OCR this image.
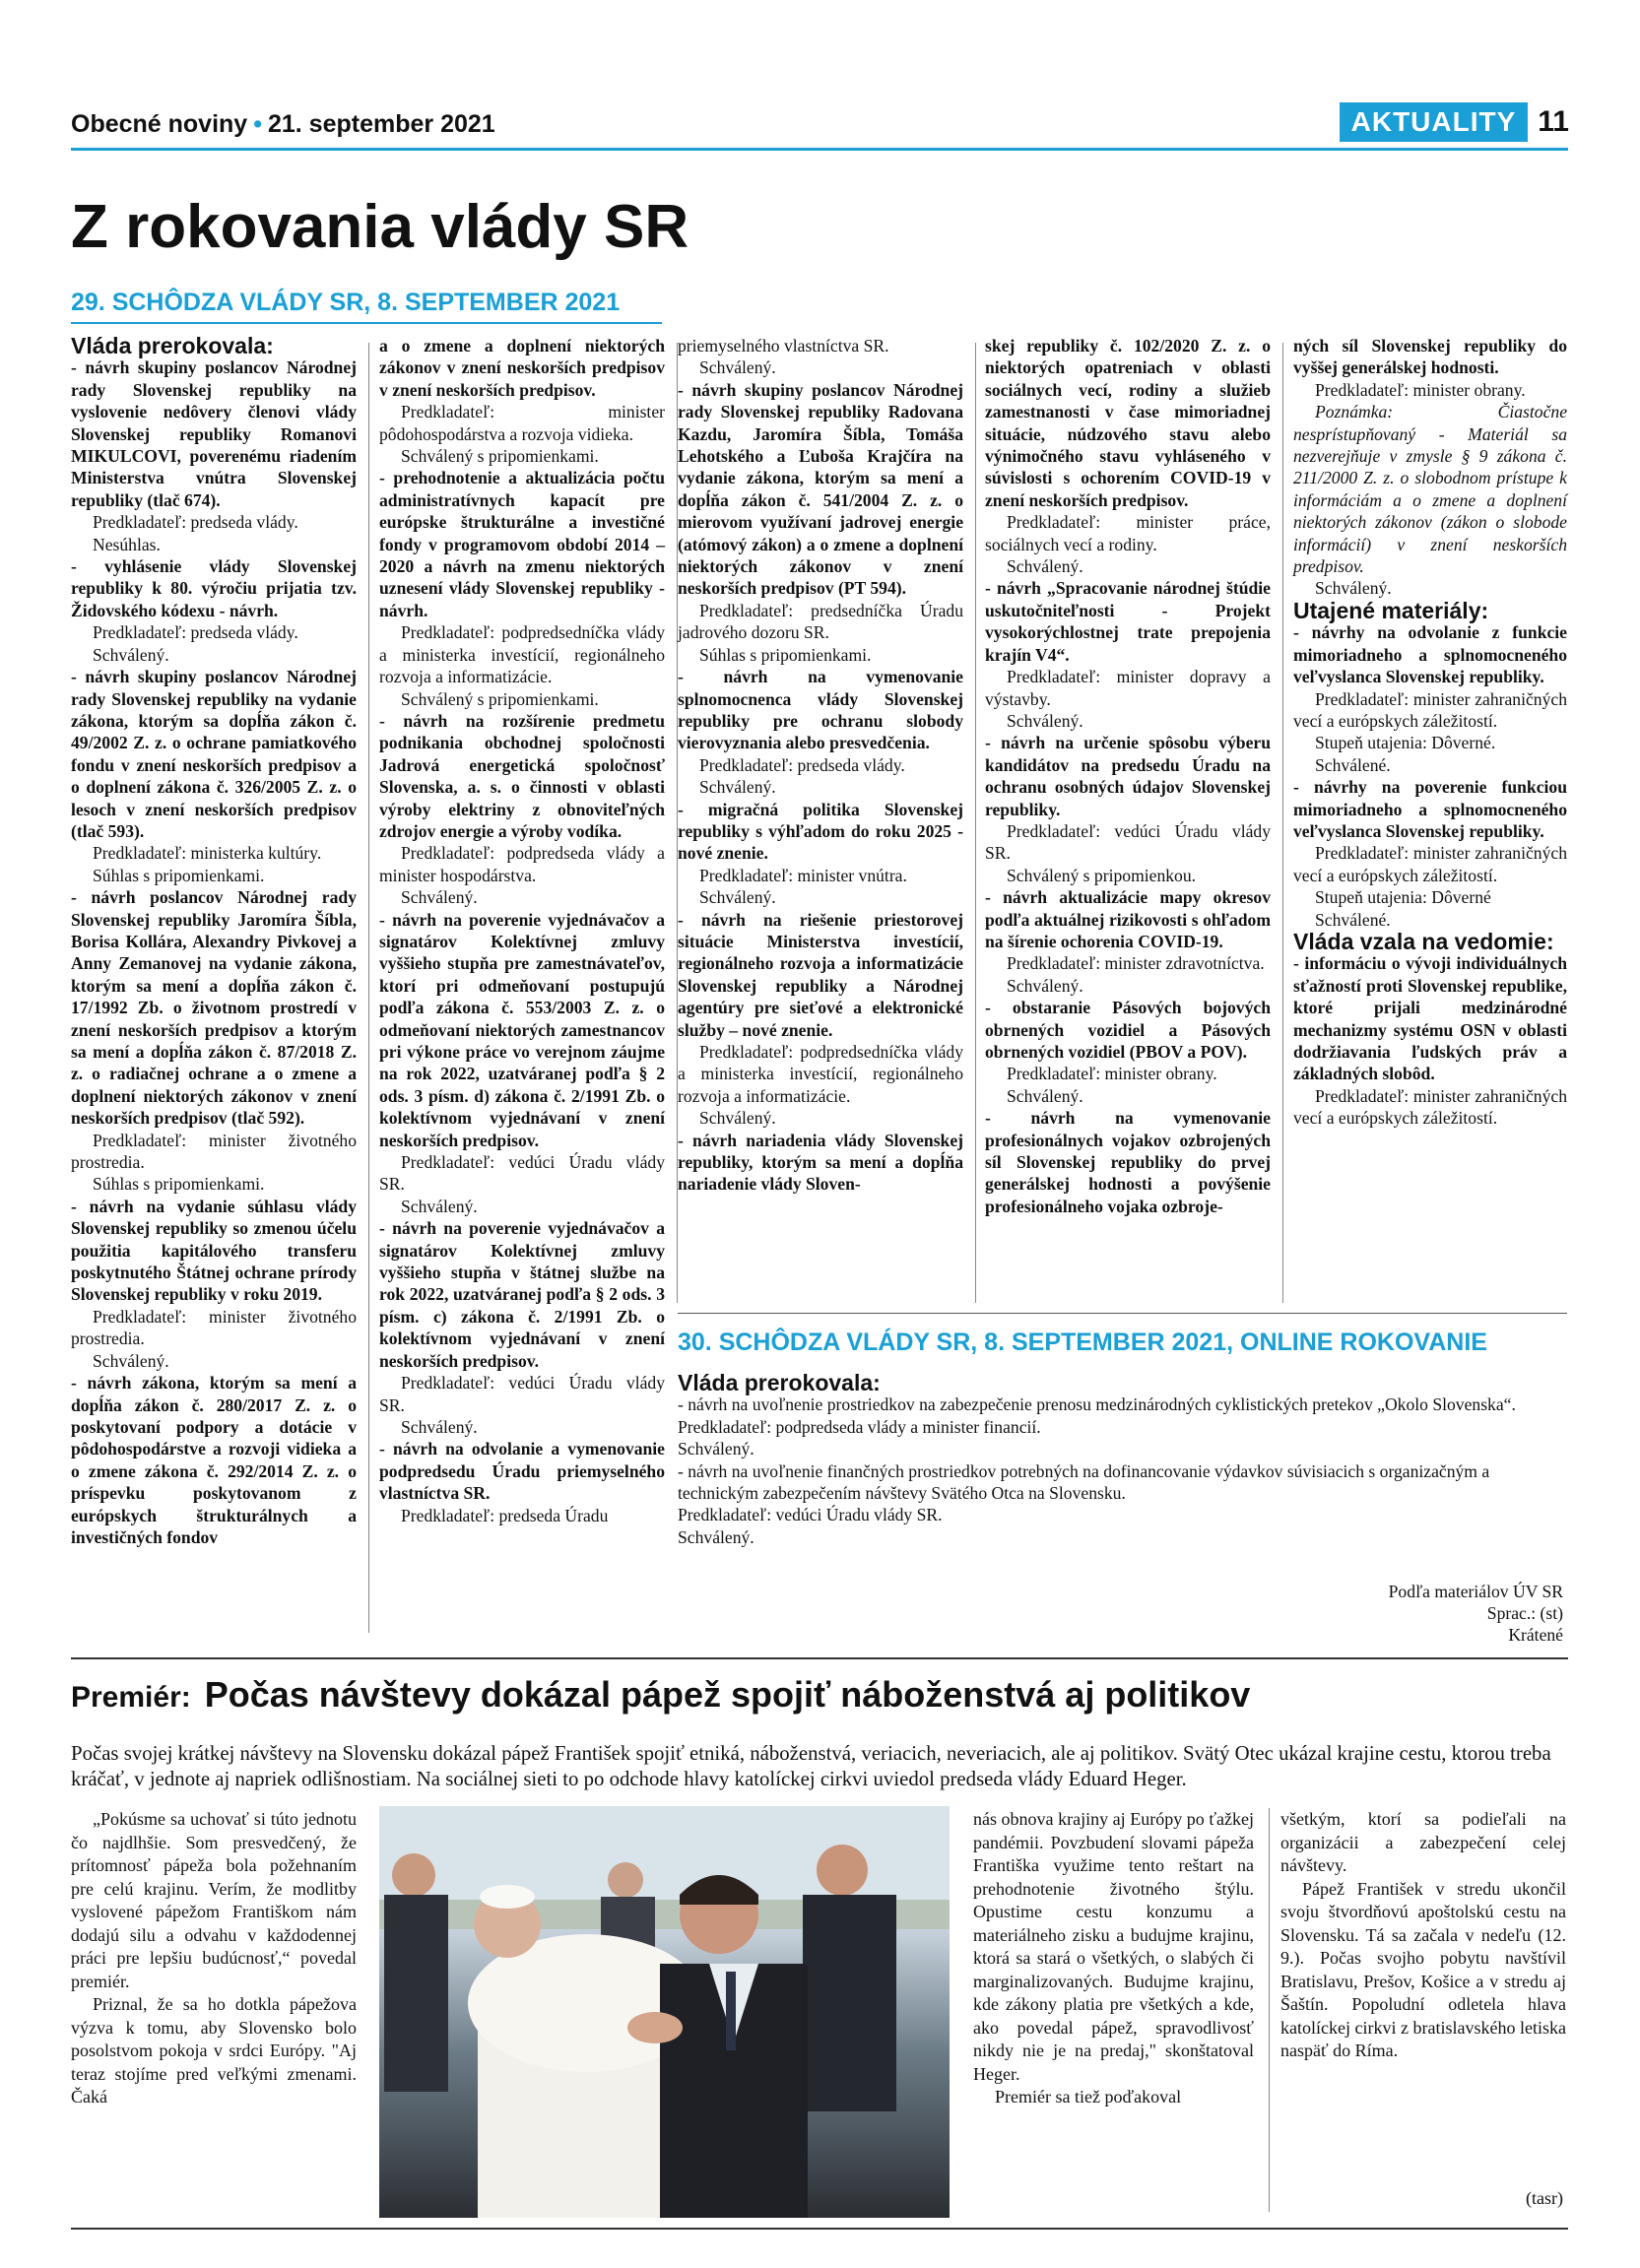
Obecné noviny • 21. september 2021	AKTUALITY 11
Z rokovania vlády SR
29. SCHÔDZA VLÁDY SR, 8. SEPTEMBER 2021

Vláda prerokovala:

- návrh skupiny poslancov Národnej rady Slovenskej republiky na vyslovenie nedôvery členovi vlády Slovenskej republiky Romanovi MIKULCOVI, poverenému riadením Ministerstva vnútra Slovenskej republiky (tlač 674).

Predkladateľ: predseda vlády.

Nesúhlas.

- vyhlásenie vlády Slovenskej republiky k 80. výročiu prijatia tzv. Židovského kódexu - návrh.

Predkladateľ: predseda vlády.

Schválený.

- návrh skupiny poslancov Národnej rady Slovenskej republiky na vydanie zákona, ktorým sa dopĺňa zákon č. 49/2002 Z. z. o ochrane pamiatkového fondu v znení neskorších predpisov a o doplnení zákona č. 326/2005 Z. z. o lesoch v znení neskorších predpisov (tlač 593).

Predkladateľ: ministerka kultúry.

Súhlas s pripomienkami.

- návrh poslancov Národnej rady Slovenskej republiky Jaromíra Šíbla, Borisa Kollára, Alexandry Pivkovej a Anny Zemanovej na vydanie zákona, ktorým sa mení a dopĺňa zákon č. 17/1992 Zb. o životnom prostredí v znení neskorších predpisov a ktorým sa mení a dopĺňa zákon č. 87/2018 Z. z. o radiačnej ochrane a o zmene a doplnení niektorých zákonov v znení neskorších predpisov (tlač 592).

Predkladateľ: minister životného prostredia.

Súhlas s pripomienkami.

- návrh na vydanie súhlasu vlády Slovenskej republiky so zmenou účelu použitia kapitálového transferu poskytnutého Štátnej ochrane prírody Slovenskej republiky v roku 2019.

Predkladateľ: minister životného prostredia.

Schválený.

- návrh zákona, ktorým sa mení a dopĺňa zákon č. 280/2017 Z. z. o poskytovaní podpory a dotácie v pôdohospodárstve a rozvoji vidieka a o zmene zákona č. 292/2014 Z. z. o príspevku poskytovanom z európskych štrukturálnych a investičných fondov

a o zmene a doplnení niektorých zákonov v znení neskorších predpisov v znení neskorších predpisov.

Predkladateľ: minister pôdohospodárstva a rozvoja vidieka.

Schválený s pripomienkami.

- prehodnotenie a aktualizácia počtu administratívnych kapacít pre európske štrukturálne a investičné fondy v programovom období 2014 – 2020 a návrh na zmenu niektorých uznesení vlády Slovenskej republiky - návrh.

Predkladateľ: podpredsedníčka vlády a ministerka investícií, regionálneho rozvoja a informatizácie.

Schválený s pripomienkami.

- návrh na rozšírenie predmetu podnikania obchodnej spoločnosti Jadrová energetická spoločnosť Slovenska, a. s. o činnosti v oblasti výroby elektriny z obnoviteľných zdrojov energie a výroby vodíka.

Predkladateľ: podpredseda vlády a minister hospodárstva.

Schválený.

- návrh na poverenie vyjednávačov a signatárov Kolektívnej zmluvy vyššieho stupňa pre zamestnávateľov, ktorí pri odmeňovaní postupujú podľa zákona č. 553/2003 Z. z. o odmeňovaní niektorých zamestnancov pri výkone práce vo verejnom záujme na rok 2022, uzatváranej podľa § 2 ods. 3 písm. d) zákona č. 2/1991 Zb. o kolektívnom vyjednávaní v znení neskorších predpisov.

Predkladateľ: vedúci Úradu vlády SR.

Schválený.

- návrh na poverenie vyjednávačov a signatárov Kolektívnej zmluvy vyššieho stupňa v štátnej službe na rok 2022, uzatváranej podľa § 2 ods. 3 písm. c) zákona č. 2/1991 Zb. o kolektívnom vyjednávaní v znení neskorších predpisov.

Predkladateľ: vedúci Úradu vlády SR.

Schválený.

- návrh na odvolanie a vymenovanie podpredsedu Úradu priemyselného vlastníctva SR.

Predkladateľ: predseda Úradu

priemyselného vlastníctva SR.

Schválený.

- návrh skupiny poslancov Národnej rady Slovenskej republiky Radovana Kazdu, Jaromíra Šíbla, Tomáša Lehotského a Ľuboša Krajčíra na vydanie zákona, ktorým sa mení a dopĺňa zákon č. 541/2004 Z. z. o mierovom využívaní jadrovej energie (atómový zákon) a o zmene a doplnení niektorých zákonov v znení neskorších predpisov (PT 594).

Predkladateľ: predsedníčka Úradu jadrového dozoru SR.

Súhlas s pripomienkami.

- návrh na vymenovanie splnomocnenca vlády Slovenskej republiky pre ochranu slobody vierovyznania alebo presvedčenia.

Predkladateľ: predseda vlády.

Schválený.

- migračná politika Slovenskej republiky s výhľadom do roku 2025 - nové znenie.

Predkladateľ: minister vnútra.

Schválený.

- návrh na riešenie priestorovej situácie Ministerstva investícií, regionálneho rozvoja a informatizácie Slovenskej republiky a Národnej agentúry pre sieťové a elektronické služby – nové znenie.

Predkladateľ: podpredsedníčka vlády a ministerka investícií, regionálneho rozvoja a informatizácie.

Schválený.

- návrh nariadenia vlády Slovenskej republiky, ktorým sa mení a dopĺňa nariadenie vlády Sloven-

skej republiky č. 102/2020 Z. z. o niektorých opatreniach v oblasti sociálnych vecí, rodiny a služieb zamestnanosti v čase mimoriadnej situácie, núdzového stavu alebo výnimočného stavu vyhláseného v súvislosti s ochorením COVID-19 v znení neskorších predpisov.

Predkladateľ: minister práce, sociálnych vecí a rodiny.

Schválený.

- návrh „Spracovanie národnej štúdie uskutočniteľnosti - Projekt vysokorýchlostnej trate prepojenia krajín V4“.

Predkladateľ: minister dopravy a výstavby.

Schválený.

- návrh na určenie spôsobu výberu kandidátov na predsedu Úradu na ochranu osobných údajov Slovenskej republiky.

Predkladateľ: vedúci Úradu vlády SR.

Schválený s pripomienkou.

- návrh aktualizácie mapy okresov podľa aktuálnej rizikovosti s ohľadom na šírenie ochorenia COVID-19.

Predkladateľ: minister zdravotníctva.

Schválený.

- obstaranie Pásových bojových obrnených vozidiel a Pásových obrnených vozidiel (PBOV a POV).

Predkladateľ: minister obrany.

Schválený.

- návrh na vymenovanie profesionálnych vojakov ozbrojených síl Slovenskej republiky do prvej generálskej hodnosti a povýšenie profesionálneho vojaka ozbroje-

ných síl Slovenskej republiky do vyššej generálskej hodnosti.

Predkladateľ: minister obrany.

Poznámka: Čiastočne nesprístupňovaný - Materiál sa nezverejňuje v zmysle § 9 zákona č. 211/2000 Z. z. o slobodnom prístupe k informáciám a o zmene a doplnení niektorých zákonov (zákon o slobode informácií) v znení neskorších predpisov.

Schválený.

Utajené materiály:

- návrhy na odvolanie z funkcie mimoriadneho a splnomocneného veľvyslanca Slovenskej republiky.

Predkladateľ: minister zahraničných vecí a európskych záležitostí.

Stupeň utajenia: Dôverné.

Schválené.

- návrhy na poverenie funkciou mimoriadneho a splnomocneného veľvyslanca Slovenskej republiky.

Predkladateľ: minister zahraničných vecí a európskych záležitostí.

Stupeň utajenia: Dôverné

Schválené.

Vláda vzala na vedomie:

- informáciu o vývoji individuálnych sťažností proti Slovenskej republike, ktoré prijali medzinárodné mechanizmy systému OSN v oblasti dodržiavania ľudských práv a základných slobôd.

Predkladateľ: minister zahraničných vecí a európskych záležitostí.

30. SCHÔDZA VLÁDY SR, 8. SEPTEMBER 2021, ONLINE ROKOVANIE

Vláda prerokovala:

- návrh na uvoľnenie prostriedkov na zabezpečenie prenosu medzinárodných cyklistických pretekov „Okolo Slovenska“.

Predkladateľ: podpredseda vlády a minister financií.

Schválený.

- návrh na uvoľnenie finančných prostriedkov potrebných na dofinancovanie výdavkov súvisiacich s organizačným a technickým zabezpečením návštevy Svätého Otca na Slovensku.

Predkladateľ: vedúci Úradu vlády SR.

Schválený.

Podľa materiálov ÚV SR
Sprac.: (st)
Krátené
Premiér: Počas návštevy dokázal pápež spojiť náboženstvá aj politikov
Počas svojej krátkej návštevy na Slovensku dokázal pápež František spojiť etniká, náboženstvá, veriacich, neveriacich, ale aj politikov. Svätý Otec ukázal krajine cestu, ktorou treba kráčať, v jednote aj napriek odlišnostiam. Na sociálnej sieti to po odchode hlavy katolíckej cirkvi uviedol predseda vlády Eduard Heger.

„Pokúsme sa uchovať si túto jednotu čo najdlhšie. Som presvedčený, že prítomnosť pápeža bola požehnaním pre celú krajinu. Verím, že modlitby vyslovené pápežom Františkom nám dodajú silu a odvahu v každodennej práci pre lepšiu budúcnosť,“ povedal premiér.

Priznal, že sa ho dotkla pápežova výzva k tomu, aby Slovensko bolo posolstvom pokoja v srdci Európy. "Aj teraz stojíme pred veľkými zmenami. Čaká

nás obnova krajiny aj Európy po ťažkej pandémii. Povzbudení slovami pápeža Františka využime tento reštart na prehodnotenie životného štýlu. Opustime cestu konzumu a materiálneho zisku a budujme krajinu, ktorá sa stará o všetkých, o slabých či marginalizovaných. Budujme krajinu, kde zákony platia pre všetkých a kde, ako povedal pápež, spravodlivosť nikdy nie je na predaj," skonštatoval Heger.

Premiér sa tiež poďakoval

všetkým, ktorí sa podieľali na organizácii a zabezpečení celej návštevy.

Pápež František v stredu ukončil svoju štvordňovú apoštolskú cestu na Slovensku. Tá sa začala v nedeľu (12. 9.). Počas svojho pobytu navštívil Bratislavu, Prešov, Košice a v stredu aj Šaštín. Popoludní odletela hlava katolíckej cirkvi z bratislavského letiska naspäť do Ríma.

(tasr)
